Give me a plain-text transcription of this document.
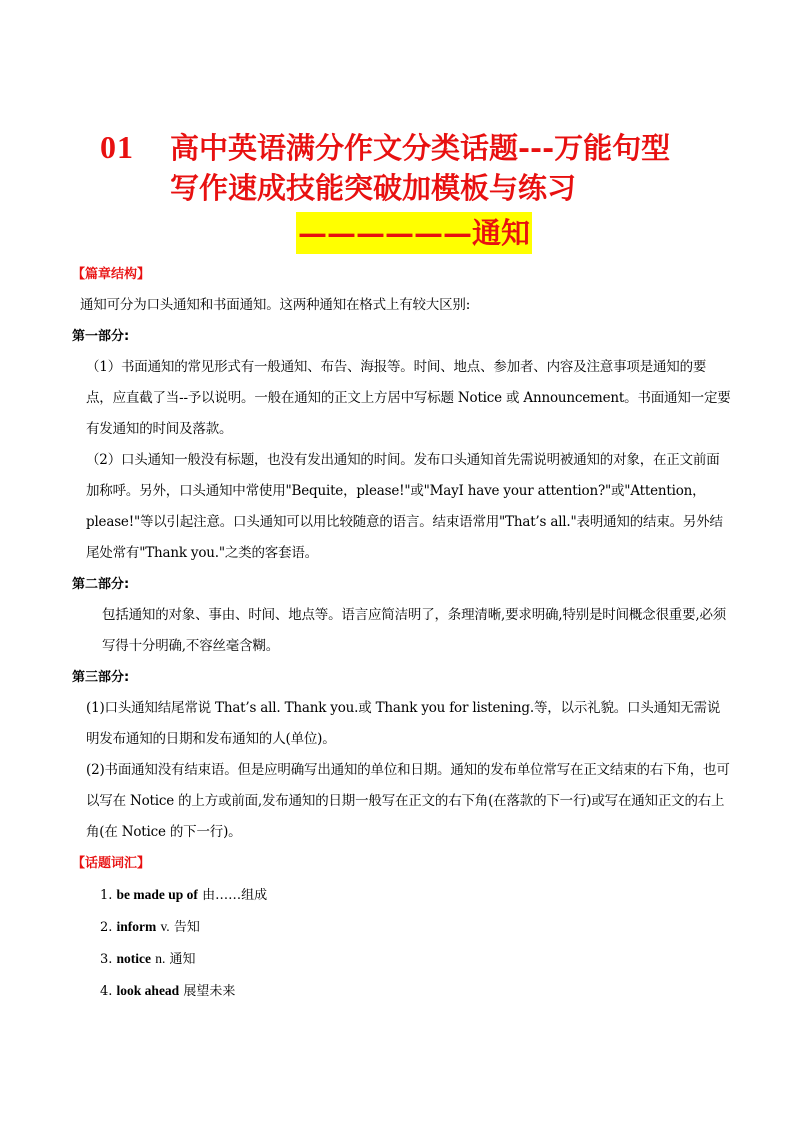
01	高中英语满分作文分类话题---万能句型
写作速成技能突破加模板与练习
——————通知
【篇章结构】

通知可分为口头通知和书面通知。这两种通知在格式上有较大区别:

第一部分:

（1）书面通知的常见形式有一般通知、布告、海报等。时间、地点、参加者、内容及注意事项是通知的要点，应直截了当--予以说明。一般在通知的正文上方居中写标题 Notice 或 Announcement。书面通知一定要有发通知的时间及落款。

（2）口头通知一般没有标题，也没有发出通知的时间。发布口头通知首先需说明被通知的对象，在正文前面加称呼。另外，口头通知中常使用"Bequite，please!"或"MayI have your attention?"或"Attention，please!"等以引起注意。口头通知可以用比较随意的语言。结束语常用"That’s all."表明通知的结束。另外结尾处常有"Thank you."之类的客套语。

第二部分:

包括通知的对象、事由、时间、地点等。语言应简洁明了，条理清晰,要求明确,特别是时间概念很重要,必须写得十分明确,不容丝毫含糊。

第三部分:

(1)口头通知结尾常说 That’s all. Thank you.或 Thank you for listening.等，以示礼貌。口头通知无需说明发布通知的日期和发布通知的人(单位)。

(2)书面通知没有结束语。但是应明确写出通知的单位和日期。通知的发布单位常写在正文结束的右下角，也可以写在 Notice 的上方或前面,发布通知的日期一般写在正文的右下角(在落款的下一行)或写在通知正文的右上角(在 Notice 的下一行)。

【话题词汇】
1. be made up of 由……组成
2. inform v. 告知
3. notice n. 通知
4. look ahead 展望未来
